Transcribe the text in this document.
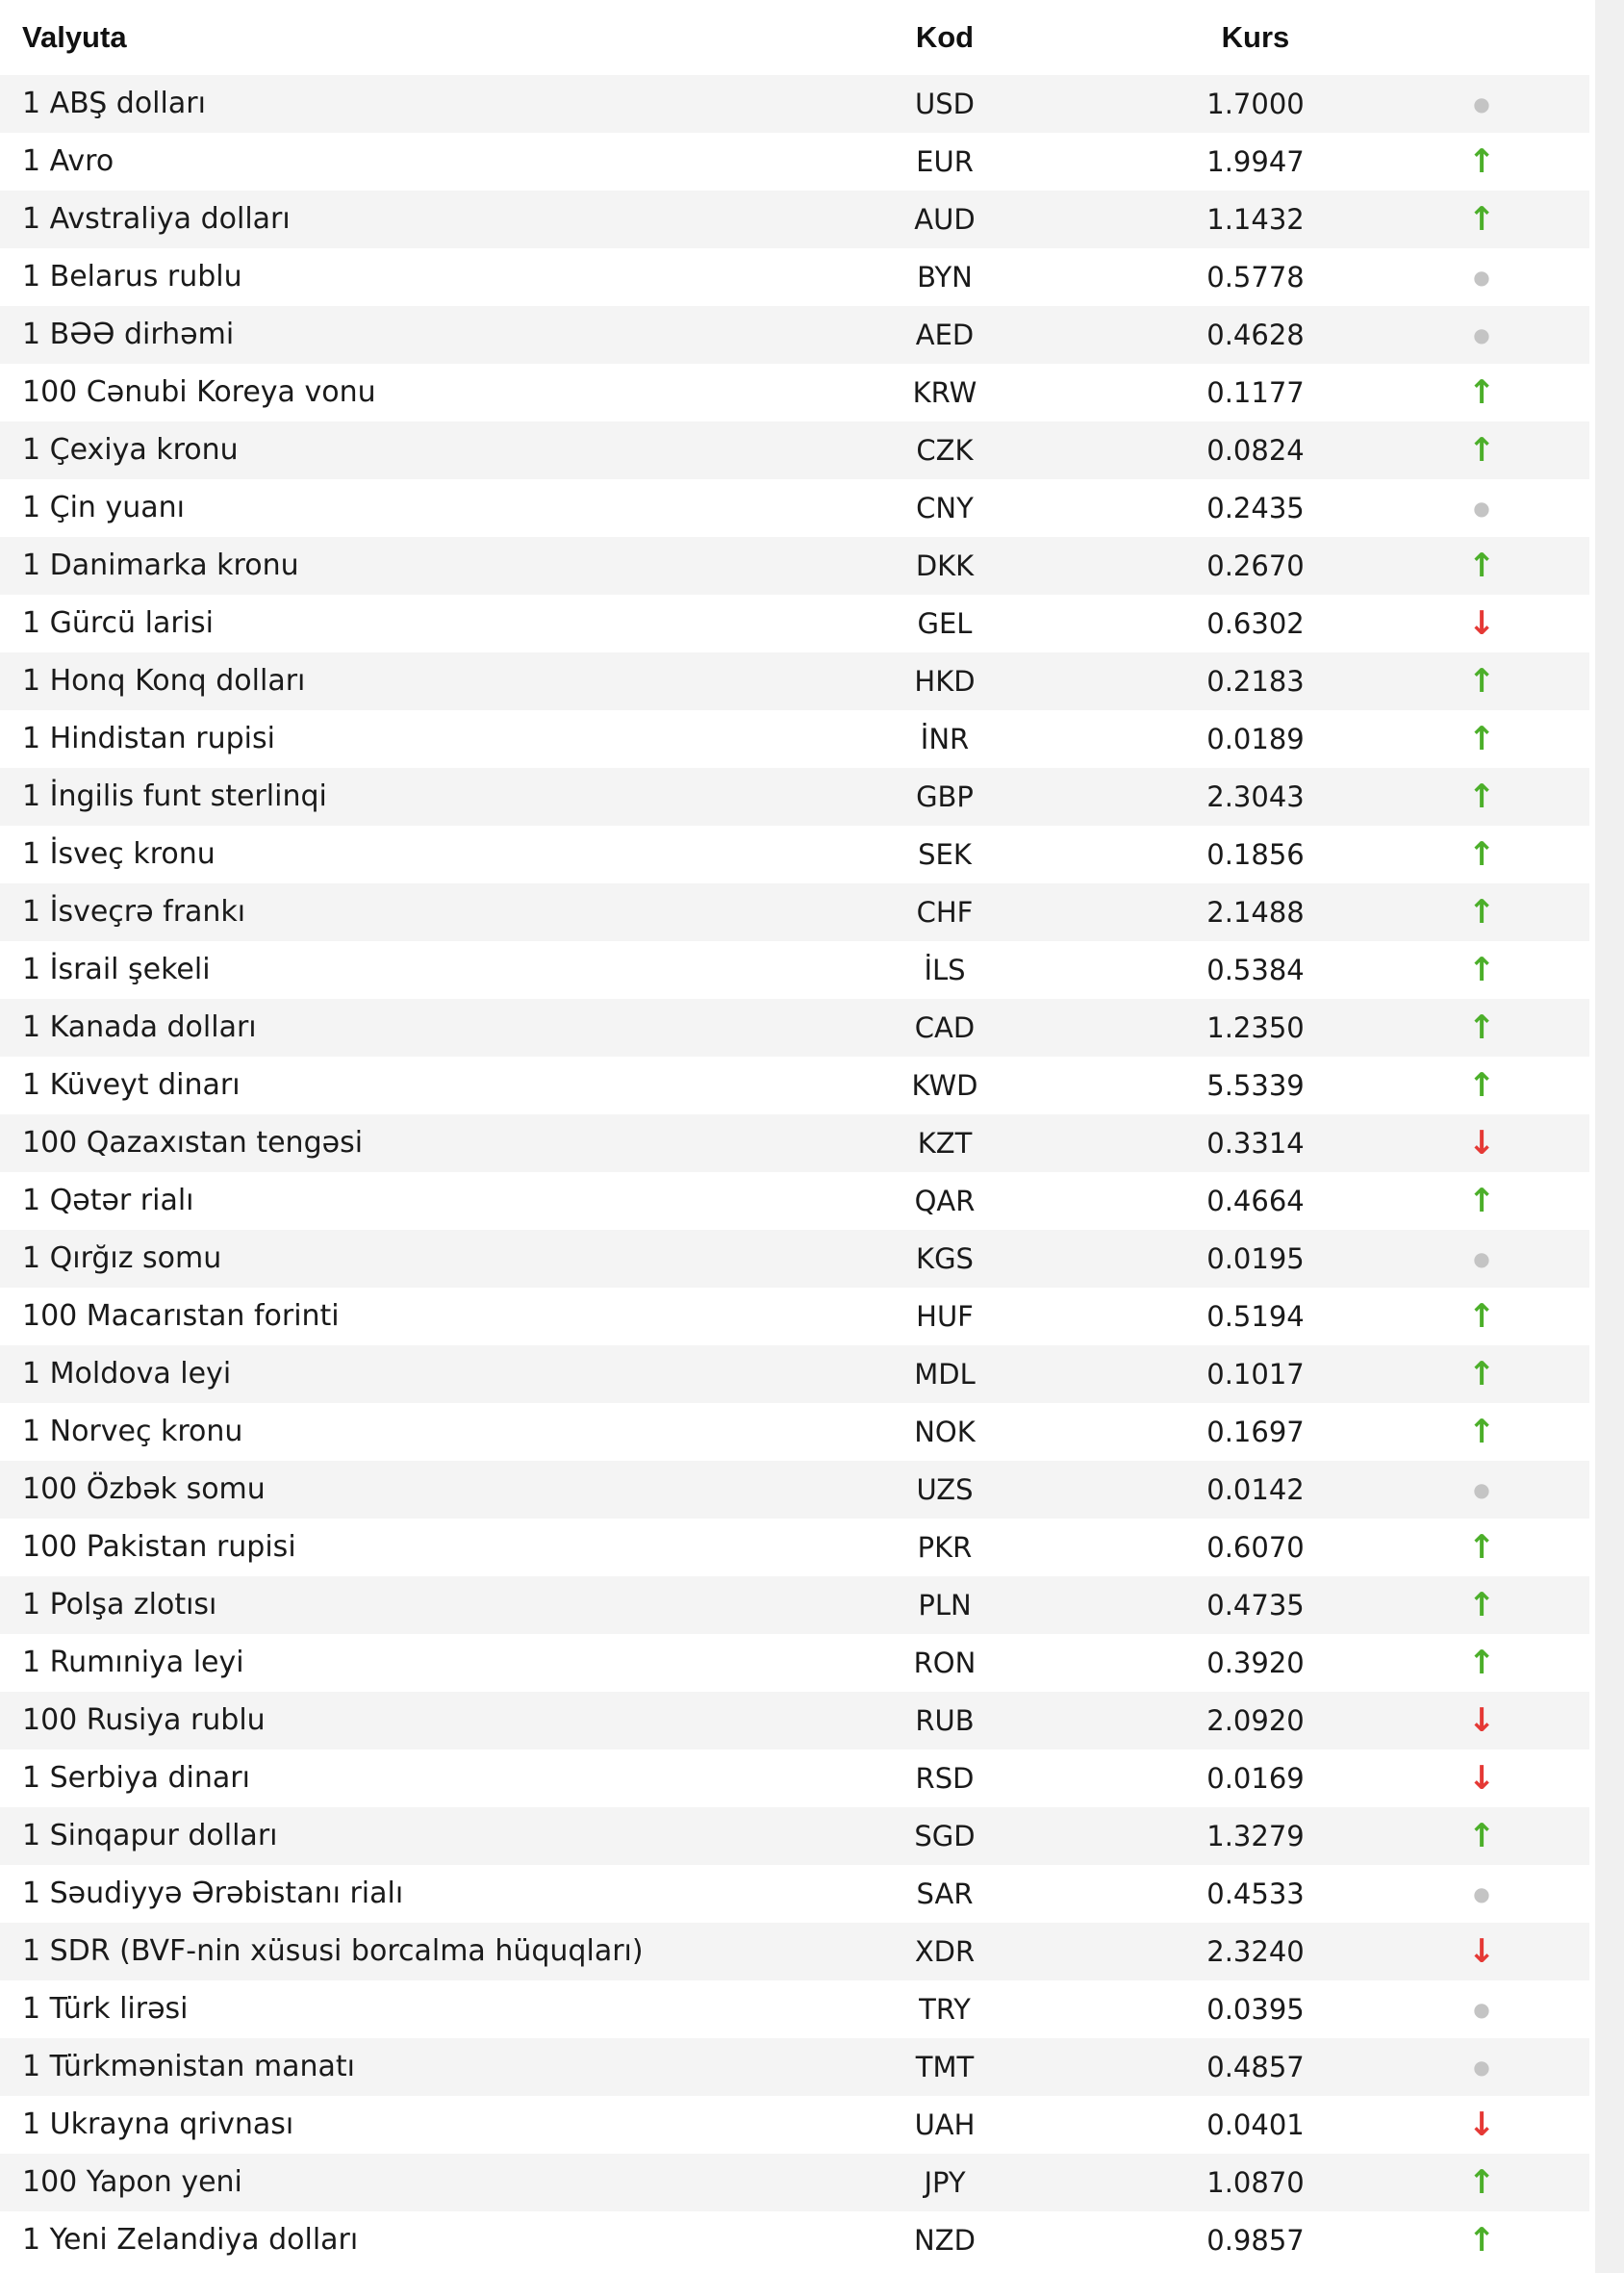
Valyuta	Kod	Kurs
1 ABŞ dolları	USD	1.7000	●
1 Avro	EUR	1.9947	↑
1 Avstraliya dolları	AUD	1.1432	↑
1 Belarus rublu	BYN	0.5778	●
1 BƏƏ dirhəmi	AED	0.4628	●
100 Cənubi Koreya vonu	KRW	0.1177	↑
1 Çexiya kronu	CZK	0.0824	↑
1 Çin yuanı	CNY	0.2435	●
1 Danimarka kronu	DKK	0.2670	↑
1 Gürcü larisi	GEL	0.6302	↓
1 Honq Konq dolları	HKD	0.2183	↑
1 Hindistan rupisi	İNR	0.0189	↑
1 İngilis funt sterlinqi	GBP	2.3043	↑
1 İsveç kronu	SEK	0.1856	↑
1 İsveçrə frankı	CHF	2.1488	↑
1 İsrail şekeli	İLS	0.5384	↑
1 Kanada dolları	CAD	1.2350	↑
1 Küveyt dinarı	KWD	5.5339	↑
100 Qazaxıstan tengəsi	KZT	0.3314	↓
1 Qətər rialı	QAR	0.4664	↑
1 Qırğız somu	KGS	0.0195	●
100 Macarıstan forinti	HUF	0.5194	↑
1 Moldova leyi	MDL	0.1017	↑
1 Norveç kronu	NOK	0.1697	↑
100 Özbək somu	UZS	0.0142	●
100 Pakistan rupisi	PKR	0.6070	↑
1 Polşa zlotısı	PLN	0.4735	↑
1 Rumıniya leyi	RON	0.3920	↑
100 Rusiya rublu	RUB	2.0920	↓
1 Serbiya dinarı	RSD	0.0169	↓
1 Sinqapur dolları	SGD	1.3279	↑
1 Səudiyyə Ərəbistanı rialı	SAR	0.4533	●
1 SDR (BVF-nin xüsusi borcalma hüquqları)	XDR	2.3240	↓
1 Türk lirəsi	TRY	0.0395	●
1 Türkmənistan manatı	TMT	0.4857	●
1 Ukrayna qrivnası	UAH	0.0401	↓
100 Yapon yeni	JPY	1.0870	↑
1 Yeni Zelandiya dolları	NZD	0.9857	↑
